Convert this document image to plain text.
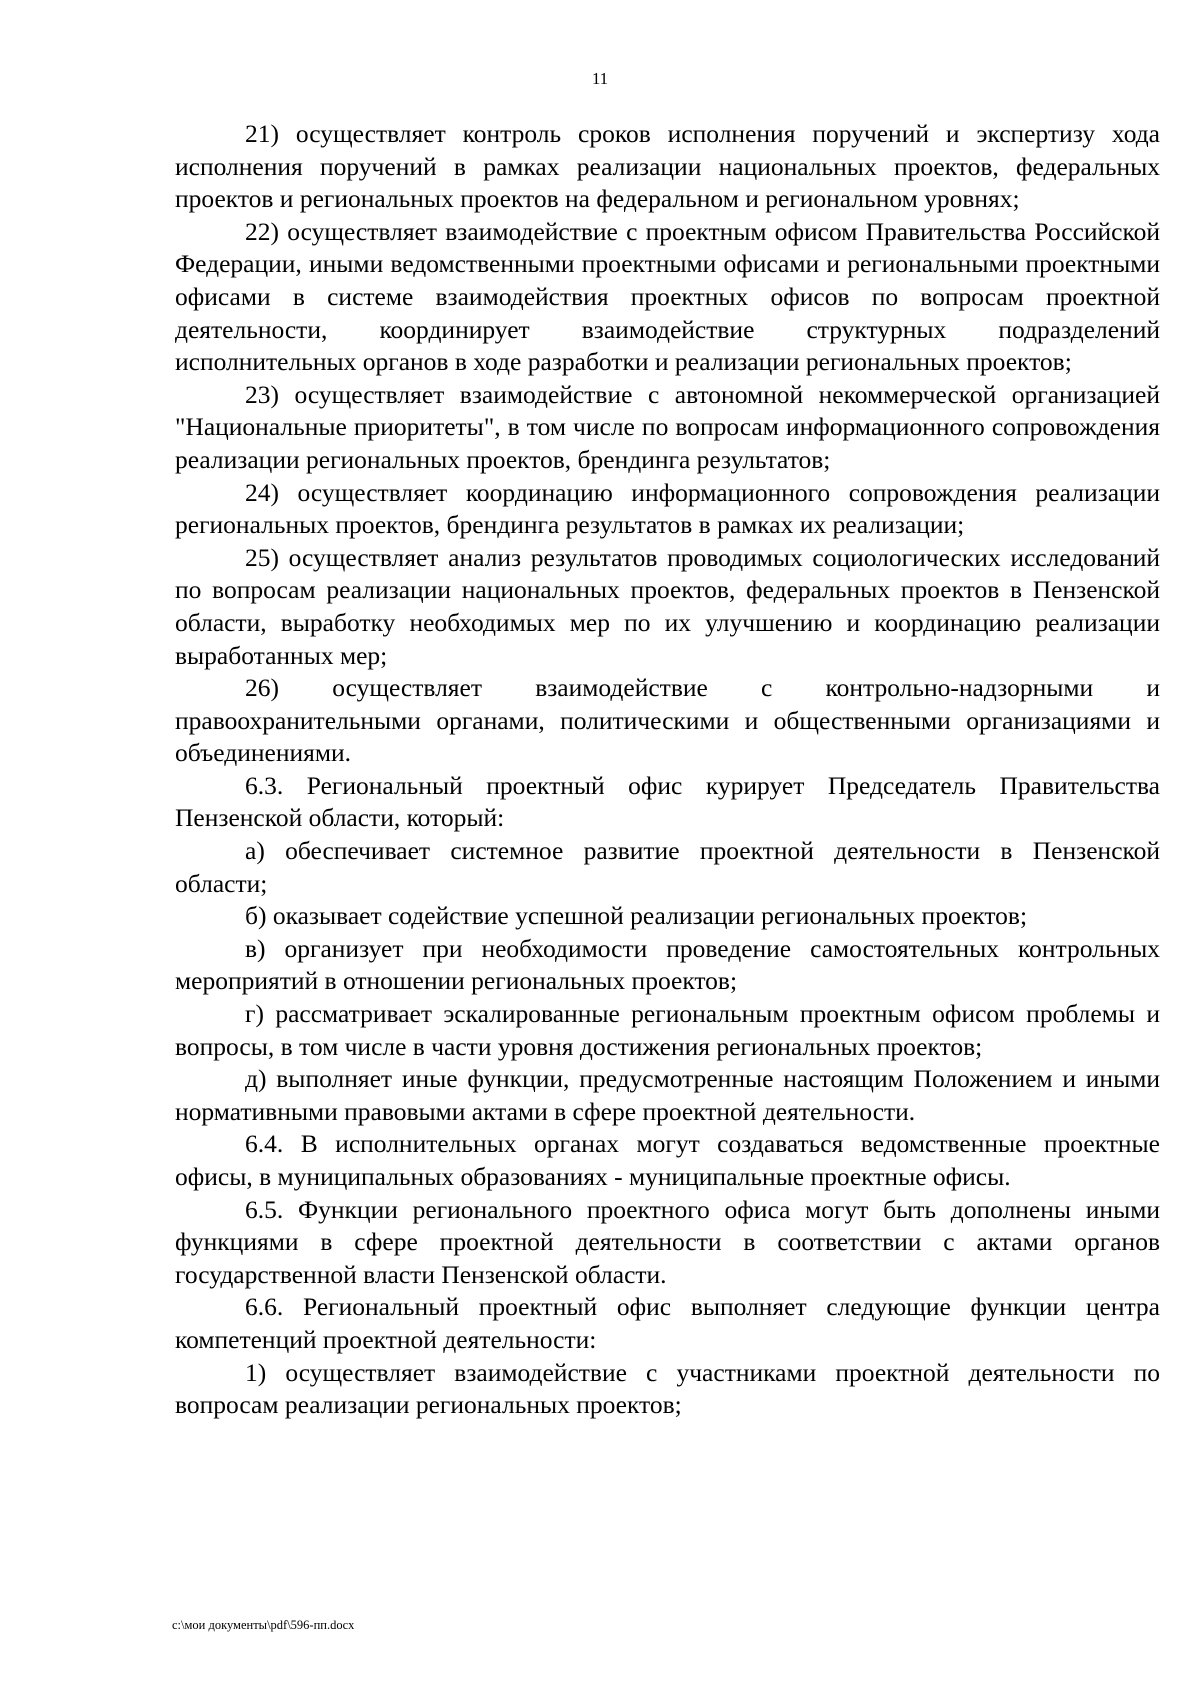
11

21) осуществляет контроль сроков исполнения поручений и экспертизу хода исполнения поручений в рамках реализации национальных проектов, федеральных проектов и региональных проектов на федеральном и региональном уровнях;

22) осуществляет взаимодействие с проектным офисом Правительства Российской Федерации, иными ведомственными проектными офисами и региональными проектными офисами в системе взаимодействия проектных офисов по вопросам проектной деятельности, координирует взаимодействие структурных подразделений исполнительных органов в ходе разработки и реализации региональных проектов;

23) осуществляет взаимодействие с автономной некоммерческой организацией "Национальные приоритеты", в том числе по вопросам информационного сопровождения реализации региональных проектов, брендинга результатов;

24) осуществляет координацию информационного сопровождения реализации региональных проектов, брендинга результатов в рамках их реализации;

25) осуществляет анализ результатов проводимых социологических исследований по вопросам реализации национальных проектов, федеральных проектов в Пензенской области, выработку необходимых мер по их улучшению и координацию реализации выработанных мер;

26) осуществляет взаимодействие с контрольно-надзорными и правоохранительными органами, политическими и общественными организациями и объединениями.

6.3. Региональный проектный офис курирует Председатель Правительства Пензенской области, который:

а) обеспечивает системное развитие проектной деятельности в Пензенской области;

б) оказывает содействие успешной реализации региональных проектов;

в) организует при необходимости проведение самостоятельных контрольных мероприятий в отношении региональных проектов;

г) рассматривает эскалированные региональным проектным офисом проблемы и вопросы, в том числе в части уровня достижения региональных проектов;

д) выполняет иные функции, предусмотренные настоящим Положением и иными нормативными правовыми актами в сфере проектной деятельности.

6.4. В исполнительных органах могут создаваться ведомственные проектные офисы, в муниципальных образованиях - муниципальные проектные офисы.

6.5. Функции регионального проектного офиса могут быть дополнены иными функциями в сфере проектной деятельности в соответствии с актами органов государственной власти Пензенской области.

6.6. Региональный проектный офис выполняет следующие функции центра компетенций проектной деятельности:

1) осуществляет взаимодействие с участниками проектной деятельности по вопросам реализации региональных проектов;

c:\мои документы\pdf\596-пп.docx
